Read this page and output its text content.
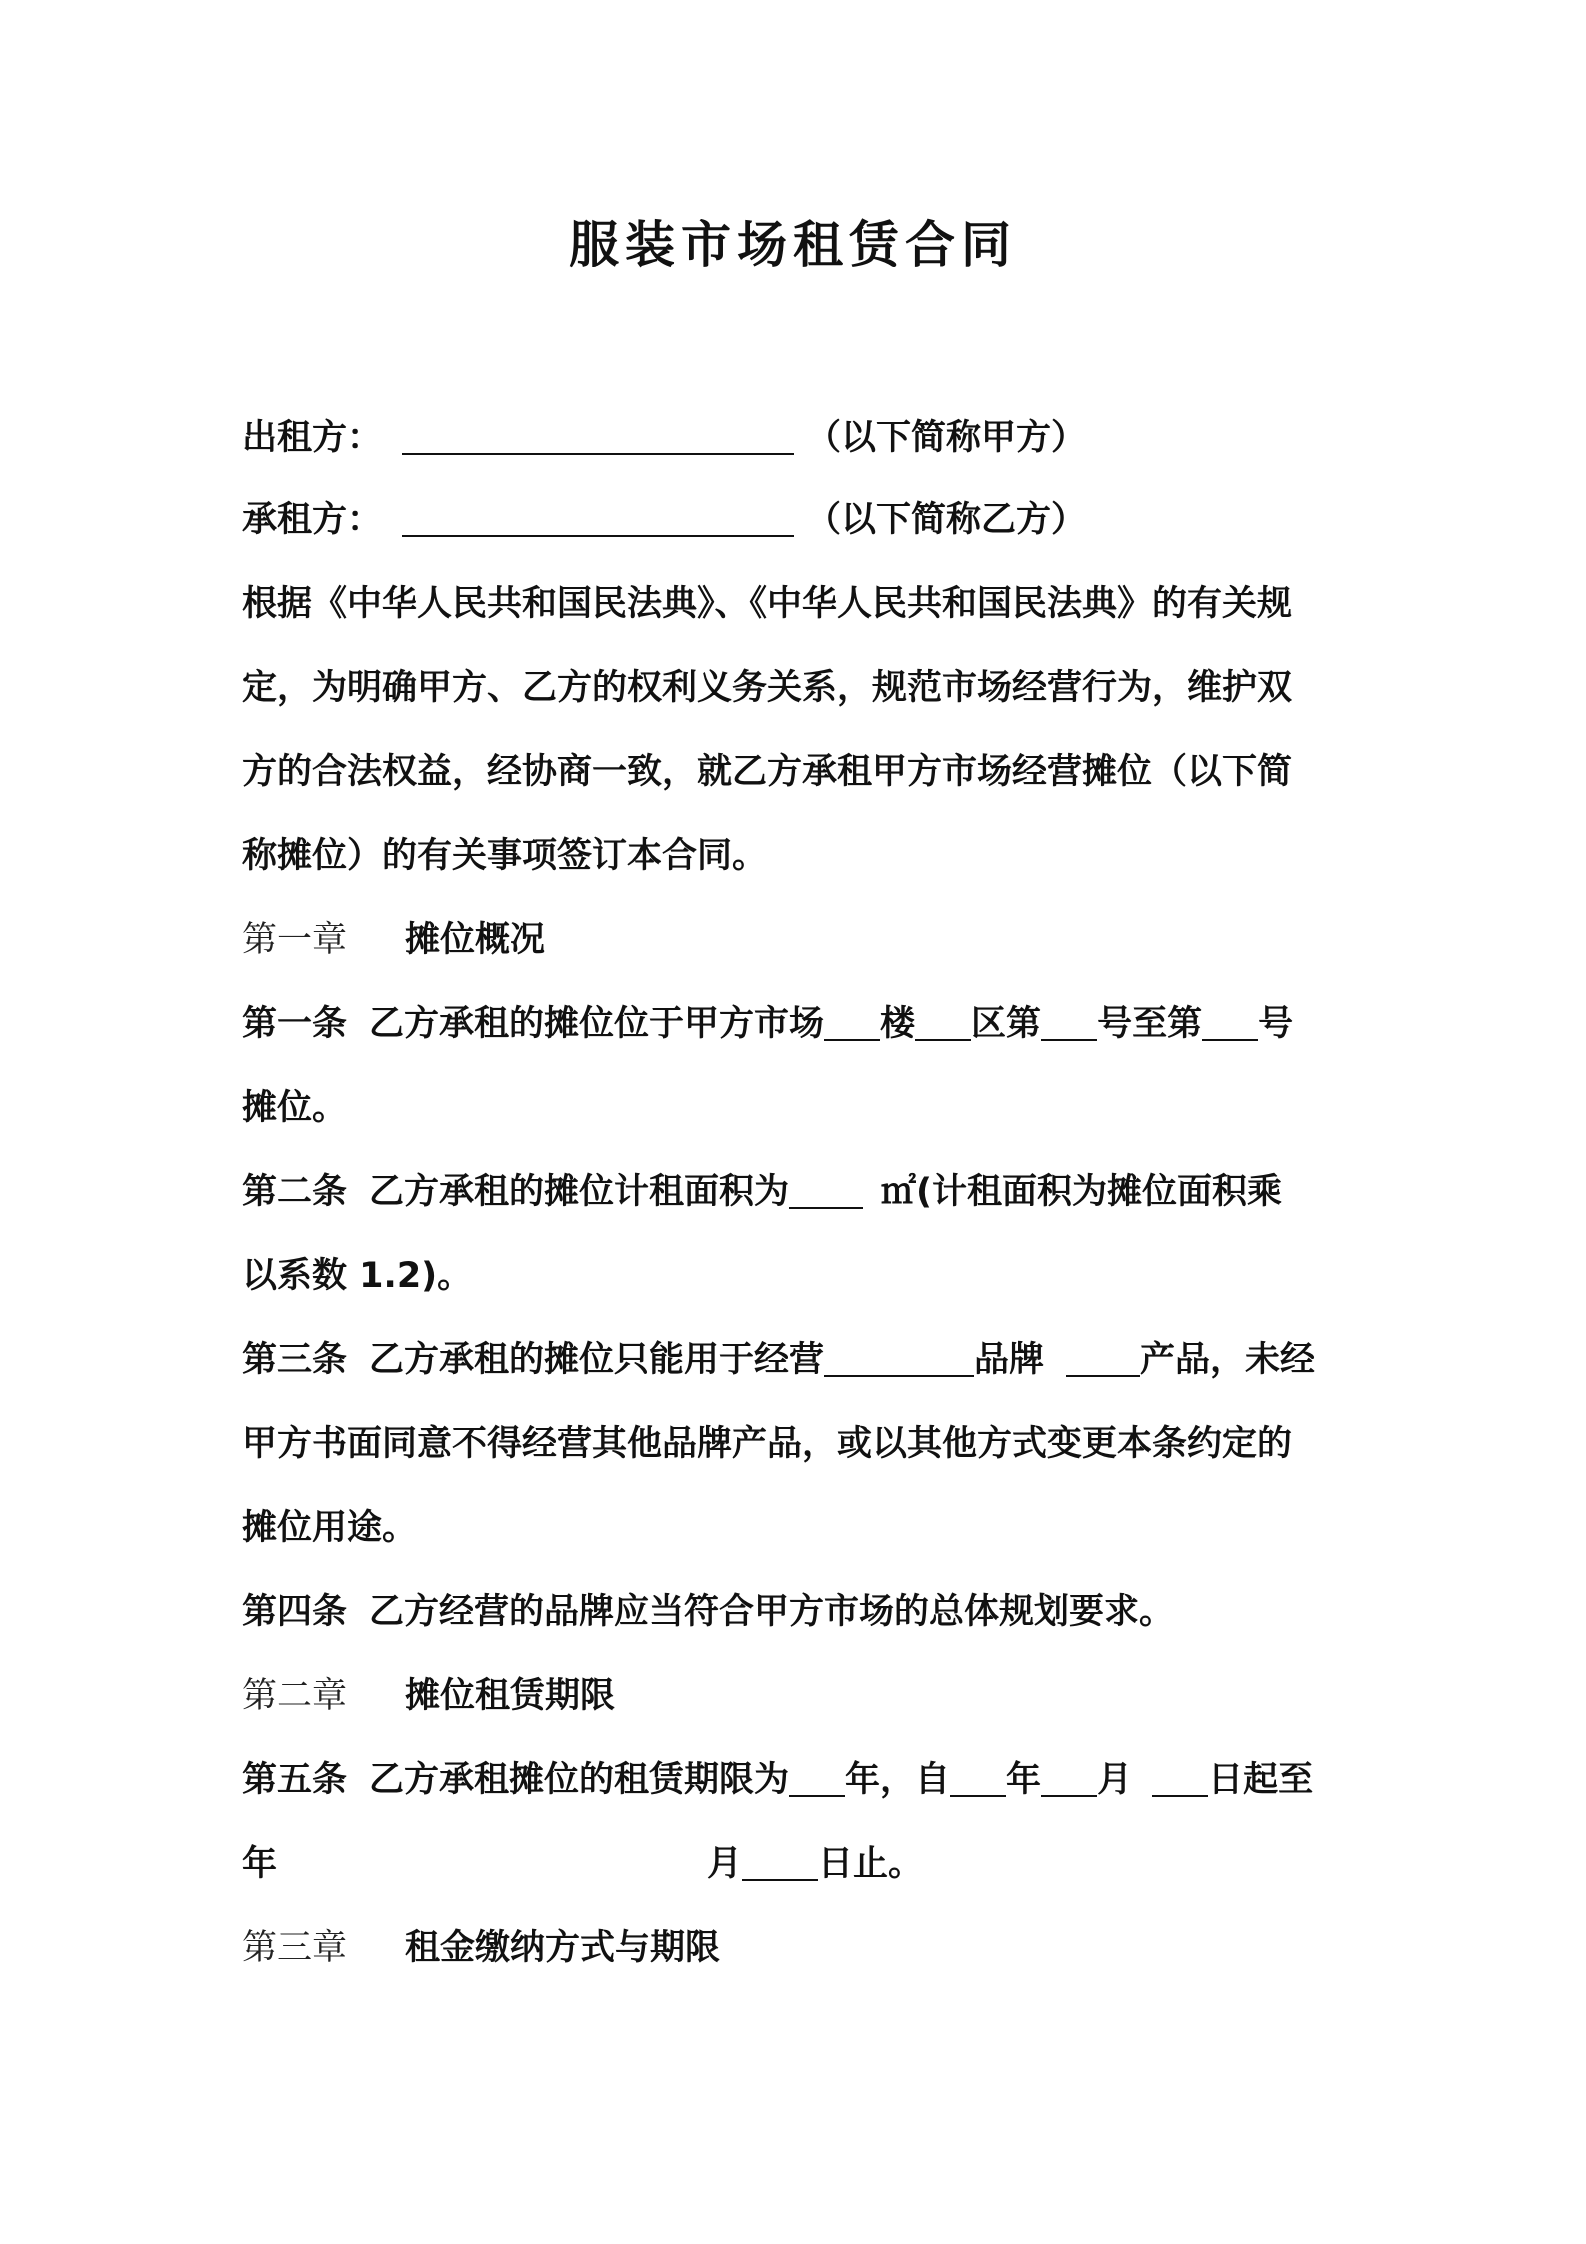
服装市场租赁合同
出租方：	（以下简称甲方）
承租方：	（以下简称乙方）
根据《中华人民共和国民法典》、《中华人民共和国民法典》的有关规
定，为明确甲方、乙方的权利义务关系，规范市场经营行为，维护双
方的合法权益，经协商一致，就乙方承租甲方市场经营摊位（以下简
称摊位）的有关事项签订本合同。
第一章 摊位概况
第一条 乙方承租的摊位位于甲方市场 楼 区第 号至第 号
摊位。
第二条 乙方承租的摊位计租面积为	㎡(计租面积为摊位面积乘
以系数 1.2)。
第三条 乙方承租的摊位只能用于经营	品牌	产品，未经
甲方书面同意不得经营其他品牌产品，或以其他方式变更本条约定的
摊位用途。
第四条 乙方经营的品牌应当符合甲方市场的总体规划要求。
第二章 摊位租赁期限
第五条 乙方承租摊位的租赁期限为 年，自 年 月 日起至
年	月 日止。
第三章 租金缴纳方式与期限
